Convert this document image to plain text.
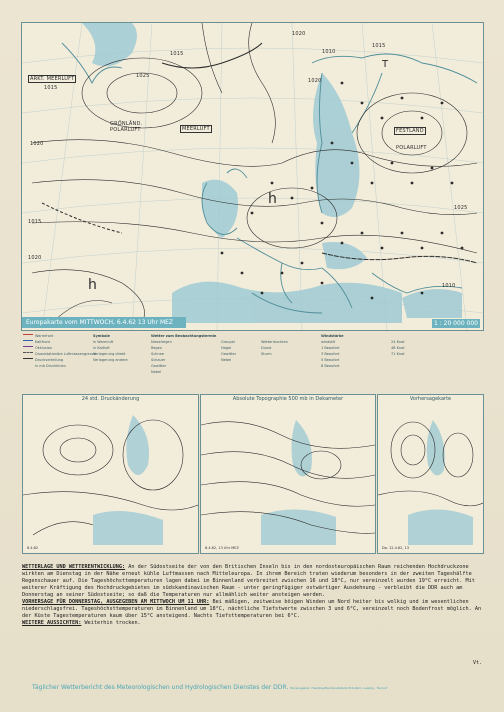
ARKT. MEERLUFT
1015
GRÖNLÄND. POLARLUFT	MEERLUFT
1020
1015
1025
1020
1010
1015
1020
FESTLAND
POLARLUFT
h
1015
1025
h
1020
1010
T
Europakarte vom MITTWOCH, 6.4.62 13 Uhr MEZ	1 : 20 000 000
Warmfront
Kaltfront
Okklusion
Quasistationäre Luftmassengrenze
Druckverteilung
in mb Drucklinien
Symbole
in Warmluft
in Kaltluft
Verlagerung direkt
Verlagerung andere
Wetter zum Beobachtungstermin
Nieselregen
Regen
Schnee
Schauer
Gewitter
Nebel
Graupel
Hagel
Gewitter
Nebel
Wetterleuchten
Dunst
Sturm
Windstärke
windstill
1 Beaufort
3 Beaufort
5 Beaufort
8 Beaufort
24 Knot
48 Knot
71 Knot
24 std. Druckänderung
6.4.62
Absolute Topographie 500 mb in Dekameter
6.4.62, 13 Uhr MEZ
Vorhersagekarte
Do. 12.4.62, 13

WETTERLAGE UND WETTERENTWICKLUNG: An der Südostseite der von den Britischen Inseln bis in den nordosteuropäischen Raum reichenden Hochdruckzone wirkten am Dienstag in der Nähe erneut kühle Luftmassen nach Mitteleuropa. In ihrem Bereich traten wiederum besonders in der zweiten Tageshälfte Regenschauer auf. Die Tageshöchsttemperaturen lagen dabei im Binnenland verbreitet zwischen 16 und 18°C, nur vereinzelt wurden 19°C erreicht. Mit weiterer Kräftigung des Hochdruckgebietes im südskandinavischen Raum - unter geringfügiger ostwärtiger Ausdehnung - verbleibt die DDR auch am Donnerstag an seiner Südostseite; so daß die Temperaturen nur allmählich weiter ansteigen werden.

VORHERSAGE FÜR DONNERSTAG, AUSGEGEBEN AM MITTWOCH UM 11 UHR: Bei mäßigen, zeitweise böigen Winden um Nord heiter bis wolkig und im wesentlichen niederschlagsfrei. Tageshöchsttemperaturen im Binnenland um 18°C, nächtliche Tiefstwerte zwischen 3 und 6°C, vereinzelt noch Bodenfrost möglich. An der Küste Tagestemperaturen kaum über 15°C ansteigend. Nachts Tiefsttemperaturen bei 6°C.

WEITERE AUSSICHTEN: Weiterhin trocken.

Vt.
Täglicher Wetterbericht des Meteorologischen und Hydrologischen Dienstes der DDR. Herausgeber: Hauptwetterdienststelle Potsdam, Leipzig · Fernruf
